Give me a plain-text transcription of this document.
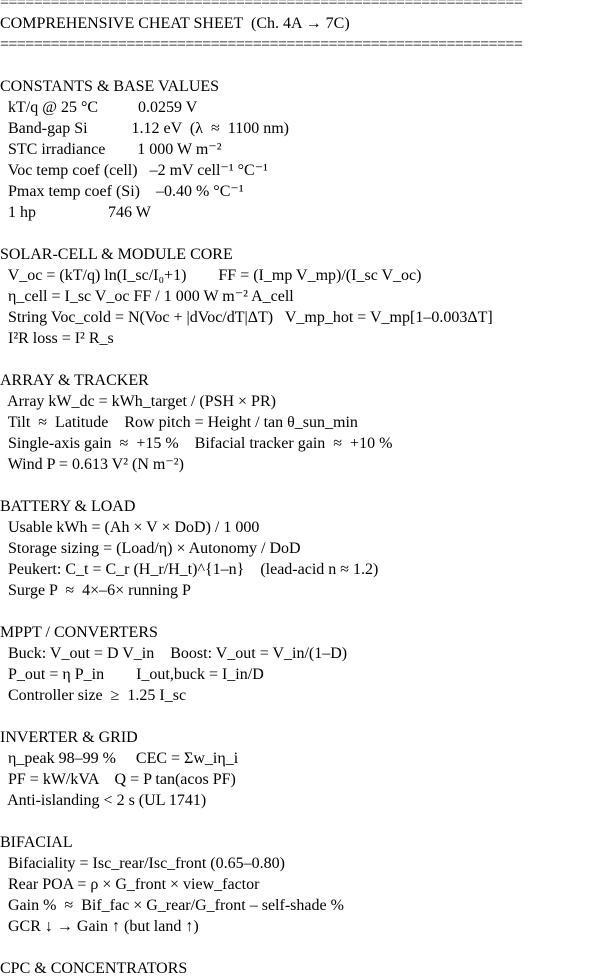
==============================================================
COMPREHENSIVE CHEAT SHEET  (Ch. 4A → 7C)
==============================================================
CONSTANTS & BASE VALUES
kT/q @ 25 °C          0.0259 V
Band-gap Si           1.12 eV  (λ  ≈  1100 nm)
STC irradiance        1 000 W m⁻²
Voc temp coef (cell)   –2 mV cell⁻¹ °C⁻¹
Pmax temp coef (Si)    –0.40 % °C⁻¹
1 hp                  746 W
SOLAR-CELL & MODULE CORE
V_oc = (kT/q) ln(I_sc/I₀+1)        FF = (I_mp V_mp)/(I_sc V_oc)
η_cell = I_sc V_oc FF / 1 000 W m⁻² A_cell
String Voc_cold = N(Voc + |dVoc/dT|ΔT)   V_mp_hot = V_mp[1–0.003ΔT]
I²R loss = I² R_s
ARRAY & TRACKER
Array kW_dc = kWh_target / (PSH × PR)
Tilt  ≈  Latitude    Row pitch = Height / tan θ_sun_min
Single-axis gain  ≈  +15 %    Bifacial tracker gain  ≈  +10 %
Wind P = 0.613 V² (N m⁻²)
BATTERY & LOAD
Usable kWh = (Ah × V × DoD) / 1 000
Storage sizing = (Load/η) × Autonomy / DoD
Peukert: C_t = C_r (H_r/H_t)^{1–n}    (lead-acid n ≈ 1.2)
Surge P  ≈  4×–6× running P
MPPT / CONVERTERS
Buck: V_out = D V_in    Boost: V_out = V_in/(1–D)
P_out = η P_in        I_out,buck = I_in/D
Controller size  ≥  1.25 I_sc
INVERTER & GRID
η_peak 98–99 %     CEC = Σw_iη_i
PF = kW/kVA    Q = P tan(acos PF)
Anti-islanding < 2 s (UL 1741)
BIFACIAL
Bifaciality = Isc_rear/Isc_front (0.65–0.80)
Rear POA = ρ × G_front × view_factor
Gain %  ≈  Bif_fac × G_rear/G_front – self-shade %
GCR ↓ → Gain ↑ (but land ↑)
CPC & CONCENTRATORS
